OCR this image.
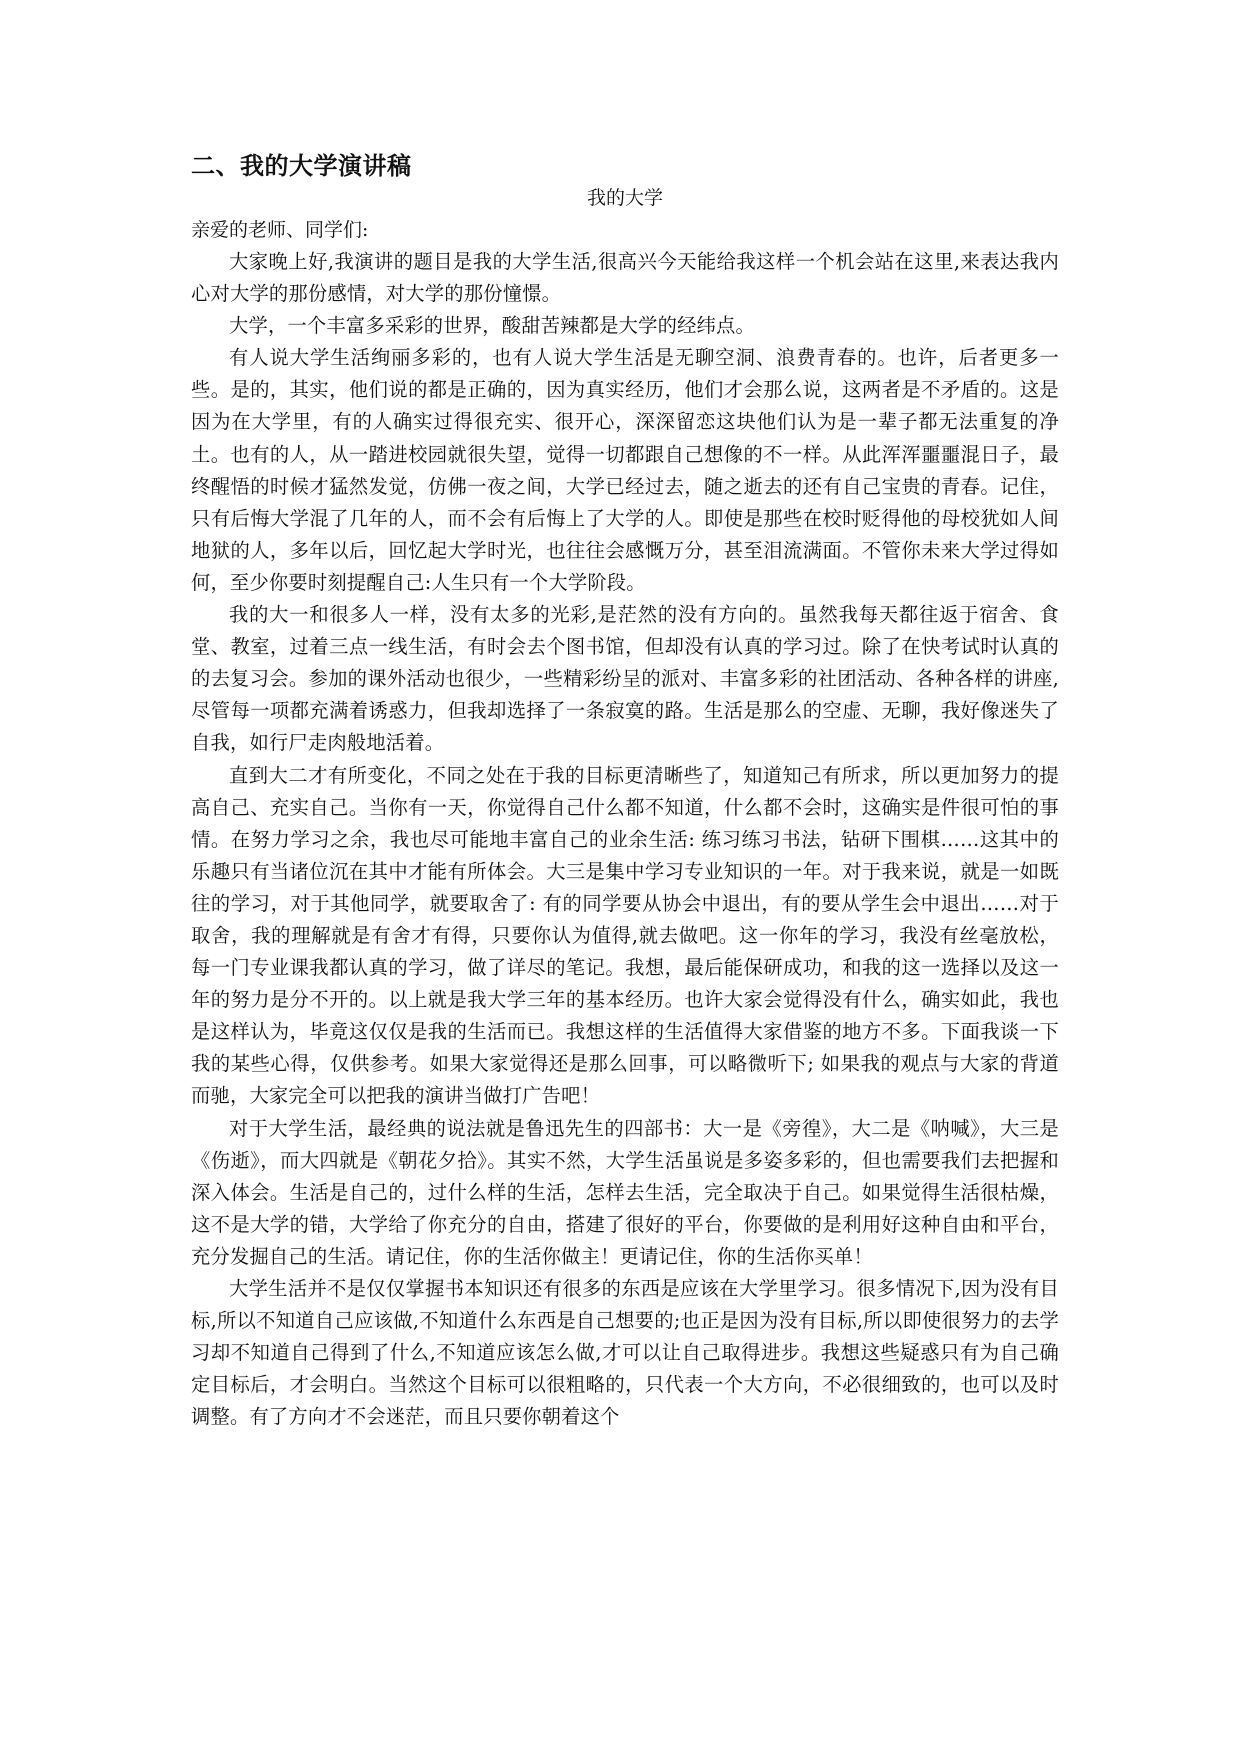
二、我的大学演讲稿
我的大学
亲爱的老师、同学们:

大家晚上好,我演讲的题目是我的大学生活,很高兴今天能给我这样一个机会站在这里,来表达我内心对大学的那份感情，对大学的那份憧憬。

大学，一个丰富多采彩的世界，酸甜苦辣都是大学的经纬点。

有人说大学生活绚丽多彩的，也有人说大学生活是无聊空洞、浪费青春的。也许，后者更多一些。是的，其实，他们说的都是正确的，因为真实经历，他们才会那么说，这两者是不矛盾的。这是因为在大学里，有的人确实过得很充实、很开心，深深留恋这块他们认为是一辈子都无法重复的净土。也有的人，从一踏进校园就很失望，觉得一切都跟自己想像的不一样。从此浑浑噩噩混日子，最终醒悟的时候才猛然发觉，仿佛一夜之间，大学已经过去，随之逝去的还有自己宝贵的青春。记住，只有后悔大学混了几年的人，而不会有后悔上了大学的人。即使是那些在校时贬得他的母校犹如人间地狱的人，多年以后，回忆起大学时光，也往往会感慨万分，甚至泪流满面。不管你未来大学过得如何，至少你要时刻提醒自己:人生只有一个大学阶段。

我的大一和很多人一样，没有太多的光彩,是茫然的没有方向的。虽然我每天都往返于宿舍、食堂、教室，过着三点一线生活，有时会去个图书馆，但却没有认真的学习过。除了在快考试时认真的的去复习会。参加的课外活动也很少，一些精彩纷呈的派对、丰富多彩的社团活动、各种各样的讲座,尽管每一项都充满着诱惑力，但我却选择了一条寂寞的路。生活是那么的空虚、无聊，我好像迷失了自我，如行尸走肉般地活着。

直到大二才有所变化，不同之处在于我的目标更清晰些了，知道知己有所求，所以更加努力的提高自己、充实自己。当你有一天，你觉得自己什么都不知道，什么都不会时，这确实是件很可怕的事情。在努力学习之余，我也尽可能地丰富自己的业余生活: 练习练习书法，钻研下围棋……这其中的乐趣只有当诸位沉在其中才能有所体会。大三是集中学习专业知识的一年。对于我来说，就是一如既往的学习，对于其他同学，就要取舍了: 有的同学要从协会中退出，有的要从学生会中退出……对于取舍，我的理解就是有舍才有得，只要你认为值得,就去做吧。这一你年的学习，我没有丝毫放松， 每一门专业课我都认真的学习，做了详尽的笔记。我想，最后能保研成功，和我的这一选择以及这一年的努力是分不开的。以上就是我大学三年的基本经历。也许大家会觉得没有什么，确实如此，我也是这样认为，毕竟这仅仅是我的生活而已。我想这样的生活值得大家借鉴的地方不多。下面我谈一下我的某些心得，仅供参考。如果大家觉得还是那么回事，可以略微听下; 如果我的观点与大家的背道而驰，大家完全可以把我的演讲当做打广告吧！

对于大学生活，最经典的说法就是鲁迅先生的四部书：大一是《旁徨》，大二是《呐喊》，大三是《伤逝》，而大四就是《朝花夕拾》。其实不然，大学生活虽说是多姿多彩的，但也需要我们去把握和深入体会。生活是自己的，过什么样的生活，怎样去生活，完全取决于自己。如果觉得生活很枯燥，这不是大学的错，大学给了你充分的自由，搭建了很好的平台，你要做的是利用好这种自由和平台，充分发掘自己的生活。请记住，你的生活你做主！更请记住，你的生活你买单！

大学生活并不是仅仅掌握书本知识还有很多的东西是应该在大学里学习。很多情况下,因为没有目标,所以不知道自己应该做,不知道什么东西是自己想要的;也正是因为没有目标,所以即使很努力的去学习却不知道自己得到了什么,不知道应该怎么做,才可以让自己取得进步。我想这些疑惑只有为自己确定目标后，才会明白。当然这个目标可以很粗略的，只代表一个大方向，不必很细致的，也可以及时调整。有了方向才不会迷茫，而且只要你朝着这个
